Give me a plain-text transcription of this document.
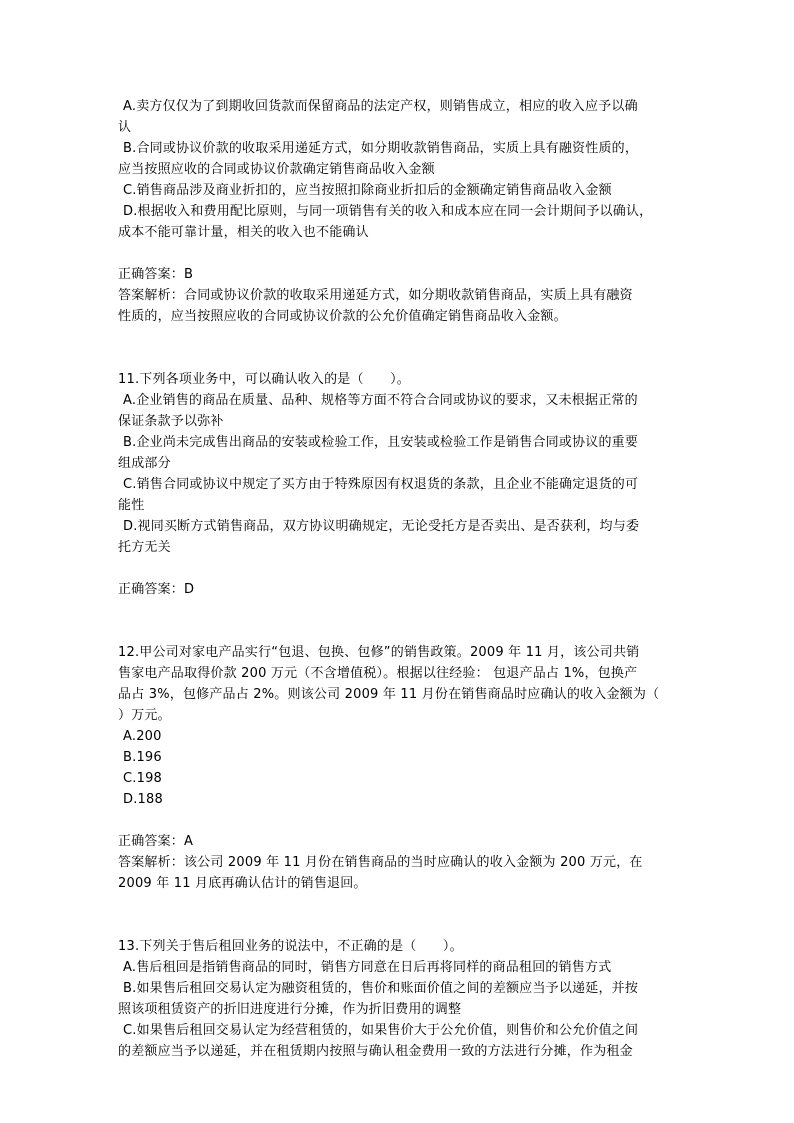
A.卖方仅仅为了到期收回货款而保留商品的法定产权，则销售成立，相应的收入应予以确
认
B.合同或协议价款的收取采用递延方式，如分期收款销售商品，实质上具有融资性质的，
应当按照应收的合同或协议价款确定销售商品收入金额
C.销售商品涉及商业折扣的，应当按照扣除商业折扣后的金额确定销售商品收入金额
D.根据收入和费用配比原则，与同一项销售有关的收入和成本应在同一会计期间予以确认，
成本不能可靠计量，相关的收入也不能确认
正确答案：B
答案解析：合同或协议价款的收取采用递延方式，如分期收款销售商品，实质上具有融资
性质的，应当按照应收的合同或协议价款的公允价值确定销售商品收入金额。
11.下列各项业务中，可以确认收入的是（　　）。
A.企业销售的商品在质量、品种、规格等方面不符合合同或协议的要求，又未根据正常的
保证条款予以弥补
B.企业尚未完成售出商品的安装或检验工作，且安装或检验工作是销售合同或协议的重要
组成部分
C.销售合同或协议中规定了买方由于特殊原因有权退货的条款，且企业不能确定退货的可
能性
D.视同买断方式销售商品，双方协议明确规定，无论受托方是否卖出、是否获利，均与委
托方无关
正确答案：D
12.甲公司对家电产品实行“包退、包换、包修”的销售政策。2009 年 11 月，该公司共销
售家电产品取得价款 200 万元（不含增值税）。根据以往经验： 包退产品占 1%，包换产
品占 3%，包修产品占 2%。则该公司 2009 年 11 月份在销售商品时应确认的收入金额为（
）万元。
A.200
B.196
C.198
D.188
正确答案：A
答案解析：该公司 2009 年 11 月份在销售商品的当时应确认的收入金额为 200 万元，在
2009 年 11 月底再确认估计的销售退回。
13.下列关于售后租回业务的说法中，不正确的是（　　）。
A.售后租回是指销售商品的同时，销售方同意在日后再将同样的商品租回的销售方式
B.如果售后租回交易认定为融资租赁的，售价和账面价值之间的差额应当予以递延，并按
照该项租赁资产的折旧进度进行分摊，作为折旧费用的调整
C.如果售后租回交易认定为经营租赁的，如果售价大于公允价值，则售价和公允价值之间
的差额应当予以递延，并在租赁期内按照与确认租金费用一致的方法进行分摊，作为租金
